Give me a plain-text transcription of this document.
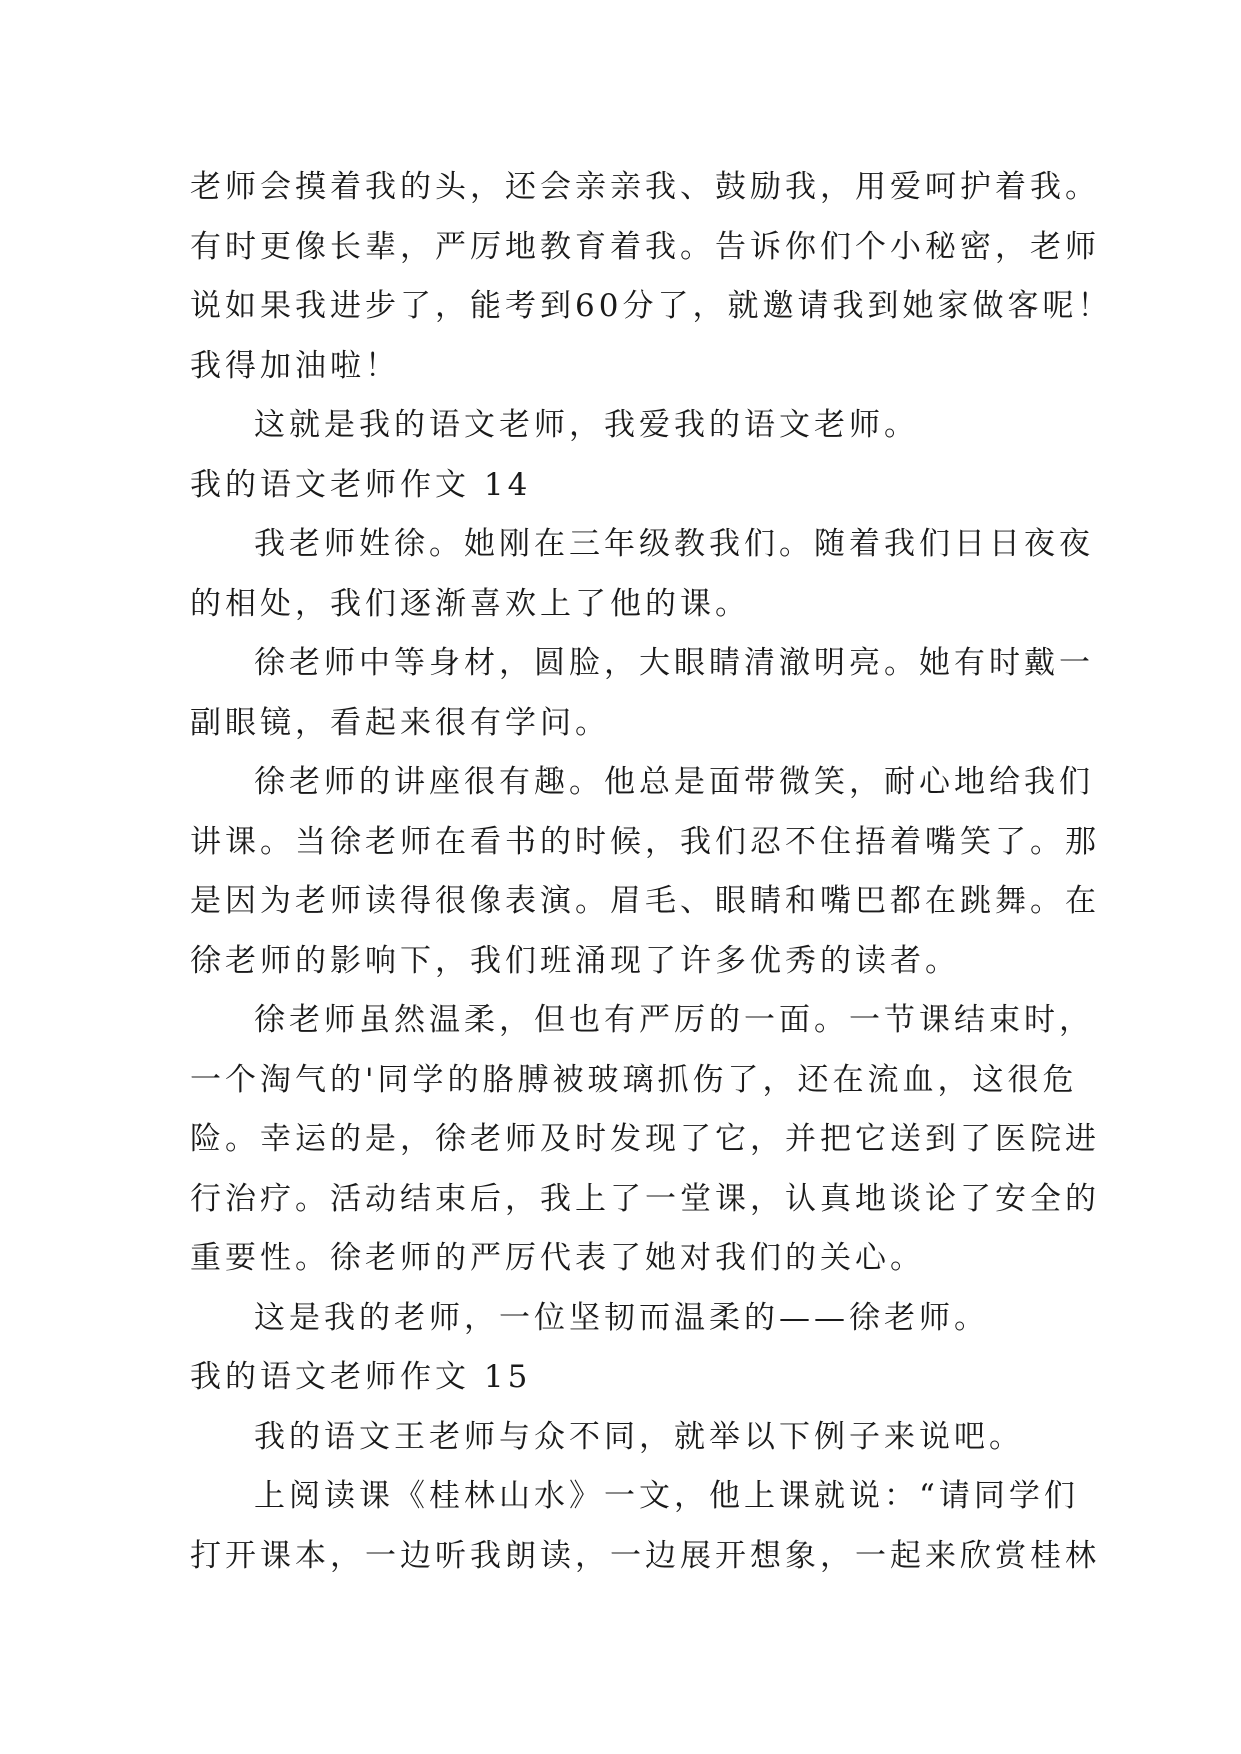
老师会摸着我的头，还会亲亲我、鼓励我，用爱呵护着我。
有时更像长辈，严厉地教育着我。告诉你们个小秘密，老师
说如果我进步了，能考到60分了，就邀请我到她家做客呢！
我得加油啦！
这就是我的语文老师，我爱我的语文老师。
我的语文老师作文 14
我老师姓徐。她刚在三年级教我们。随着我们日日夜夜
的相处，我们逐渐喜欢上了他的课。
徐老师中等身材，圆脸，大眼睛清澈明亮。她有时戴一
副眼镜，看起来很有学问。
徐老师的讲座很有趣。他总是面带微笑，耐心地给我们
讲课。当徐老师在看书的时候，我们忍不住捂着嘴笑了。那
是因为老师读得很像表演。眉毛、眼睛和嘴巴都在跳舞。在
徐老师的影响下，我们班涌现了许多优秀的读者。
徐老师虽然温柔，但也有严厉的一面。一节课结束时，
一个淘气的'同学的胳膊被玻璃抓伤了，还在流血，这很危
险。幸运的是，徐老师及时发现了它，并把它送到了医院进
行治疗。活动结束后，我上了一堂课，认真地谈论了安全的
重要性。徐老师的严厉代表了她对我们的关心。
这是我的老师，一位坚韧而温柔的——徐老师。
我的语文老师作文 15
我的语文王老师与众不同，就举以下例子来说吧。
上阅读课《桂林山水》一文，他上课就说：“请同学们
打开课本，一边听我朗读，一边展开想象，一起来欣赏桂林
